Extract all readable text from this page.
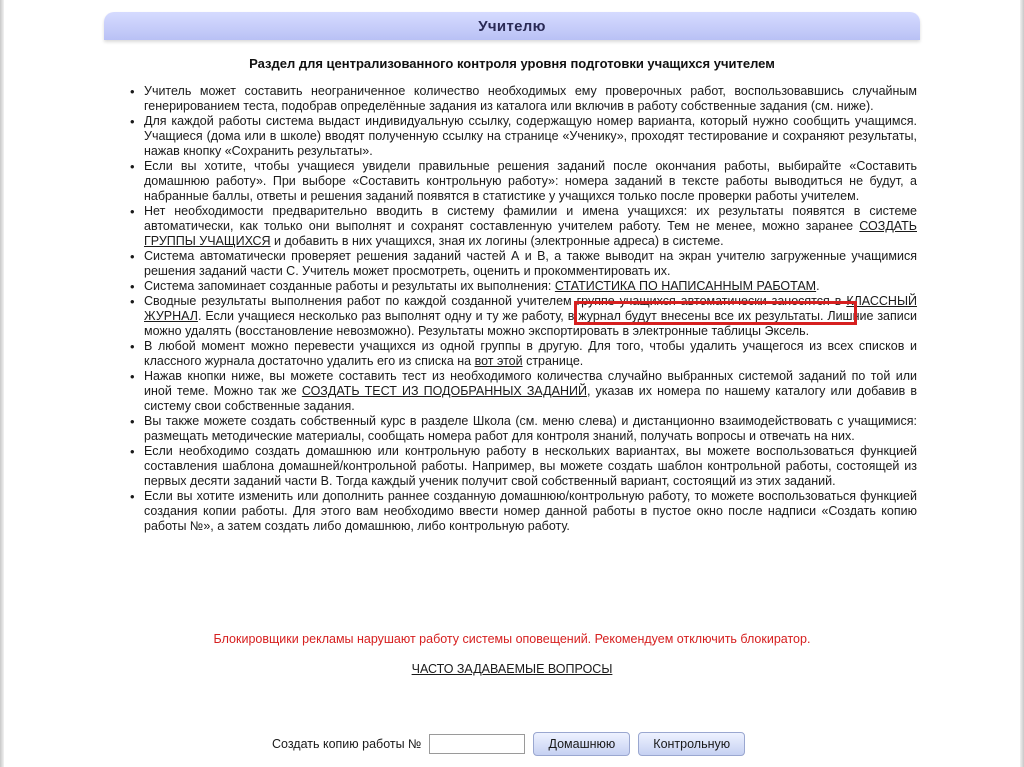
Учителю
Раздел для централизованного контроля уровня подготовки учащихся учителем
• Учитель может составить неограниченное количество необходимых ему проверочных работ, воспользовавшись случайным генерированием теста, подобрав определённые задания из каталога или включив в работу собственные задания (см. ниже).
• Для каждой работы система выдаст индивидуальную ссылку, содержащую номер варианта, который нужно сообщить учащимся. Учащиеся (дома или в школе) вводят полученную ссылку на странице «Ученику», проходят тестирование и сохраняют результаты, нажав кнопку «Сохранить результаты».
• Если вы хотите, чтобы учащиеся увидели правильные решения заданий после окончания работы, выбирайте «Составить домашнюю работу». При выборе «Составить контрольную работу»: номера заданий в тексте работы выводиться не будут, а набранные баллы, ответы и решения заданий появятся в статистике у учащихся только после проверки работы учителем.
• Нет необходимости предварительно вводить в систему фамилии и имена учащихся: их результаты появятся в системе автоматически, как только они выполнят и сохранят составленную учителем работу. Тем не менее, можно заранее СОЗДАТЬ ГРУППЫ УЧАЩИХСЯ и добавить в них учащихся, зная их логины (электронные адреса) в системе.
• Система автоматически проверяет решения заданий частей А и В, а также выводит на экран учителю загруженные учащимися решения заданий части С. Учитель может просмотреть, оценить и прокомментировать их.
• Система запоминает созданные работы и результаты их выполнения: СТАТИСТИКА ПО НАПИСАННЫМ РАБОТАМ.
• Сводные результаты выполнения работ по каждой созданной учителем группе учащихся автоматически заносятся в КЛАССНЫЙ ЖУРНАЛ. Если учащиеся несколько раз выполнят одну и ту же работу, в журнал будут внесены все их результаты. Лишние записи можно удалять (восстановление невозможно). Результаты можно экспортировать в электронные таблицы Эксель.
• В любой момент можно перевести учащихся из одной группы в другую. Для того, чтобы удалить учащегося из всех списков и классного журнала достаточно удалить его из списка на вот этой странице.
• Нажав кнопки ниже, вы можете составить тест из необходимого количества случайно выбранных системой заданий по той или иной теме. Можно так же СОЗДАТЬ ТЕСТ ИЗ ПОДОБРАННЫХ ЗАДАНИЙ, указав их номера по нашему каталогу или добавив в систему свои собственные задания.
• Вы также можете создать собственный курс в разделе Школа (см. меню слева) и дистанционно взаимодействовать с учащимися: размещать методические материалы, сообщать номера работ для контроля знаний, получать вопросы и отвечать на них.
• Если необходимо создать домашнюю или контрольную работу в нескольких вариантах, вы можете воспользоваться функцией составления шаблона домашней/контрольной работы. Например, вы можете создать шаблон контрольной работы, состоящей из первых десяти заданий части В. Тогда каждый ученик получит свой собственный вариант, состоящий из этих заданий.
• Если вы хотите изменить или дополнить раннее созданную домашнюю/контрольную работу, то можете воспользоваться функцией создания копии работы. Для этого вам необходимо ввести номер данной работы в пустое окно после надписи «Создать копию работы №», а затем создать либо домашнюю, либо контрольную работу.
Блокировщики рекламы нарушают работу системы оповещений. Рекомендуем отключить блокиратор.
ЧАСТО ЗАДАВАЕМЫЕ ВОПРОСЫ
Создать копию работы №	Домашнюю	Контрольную
